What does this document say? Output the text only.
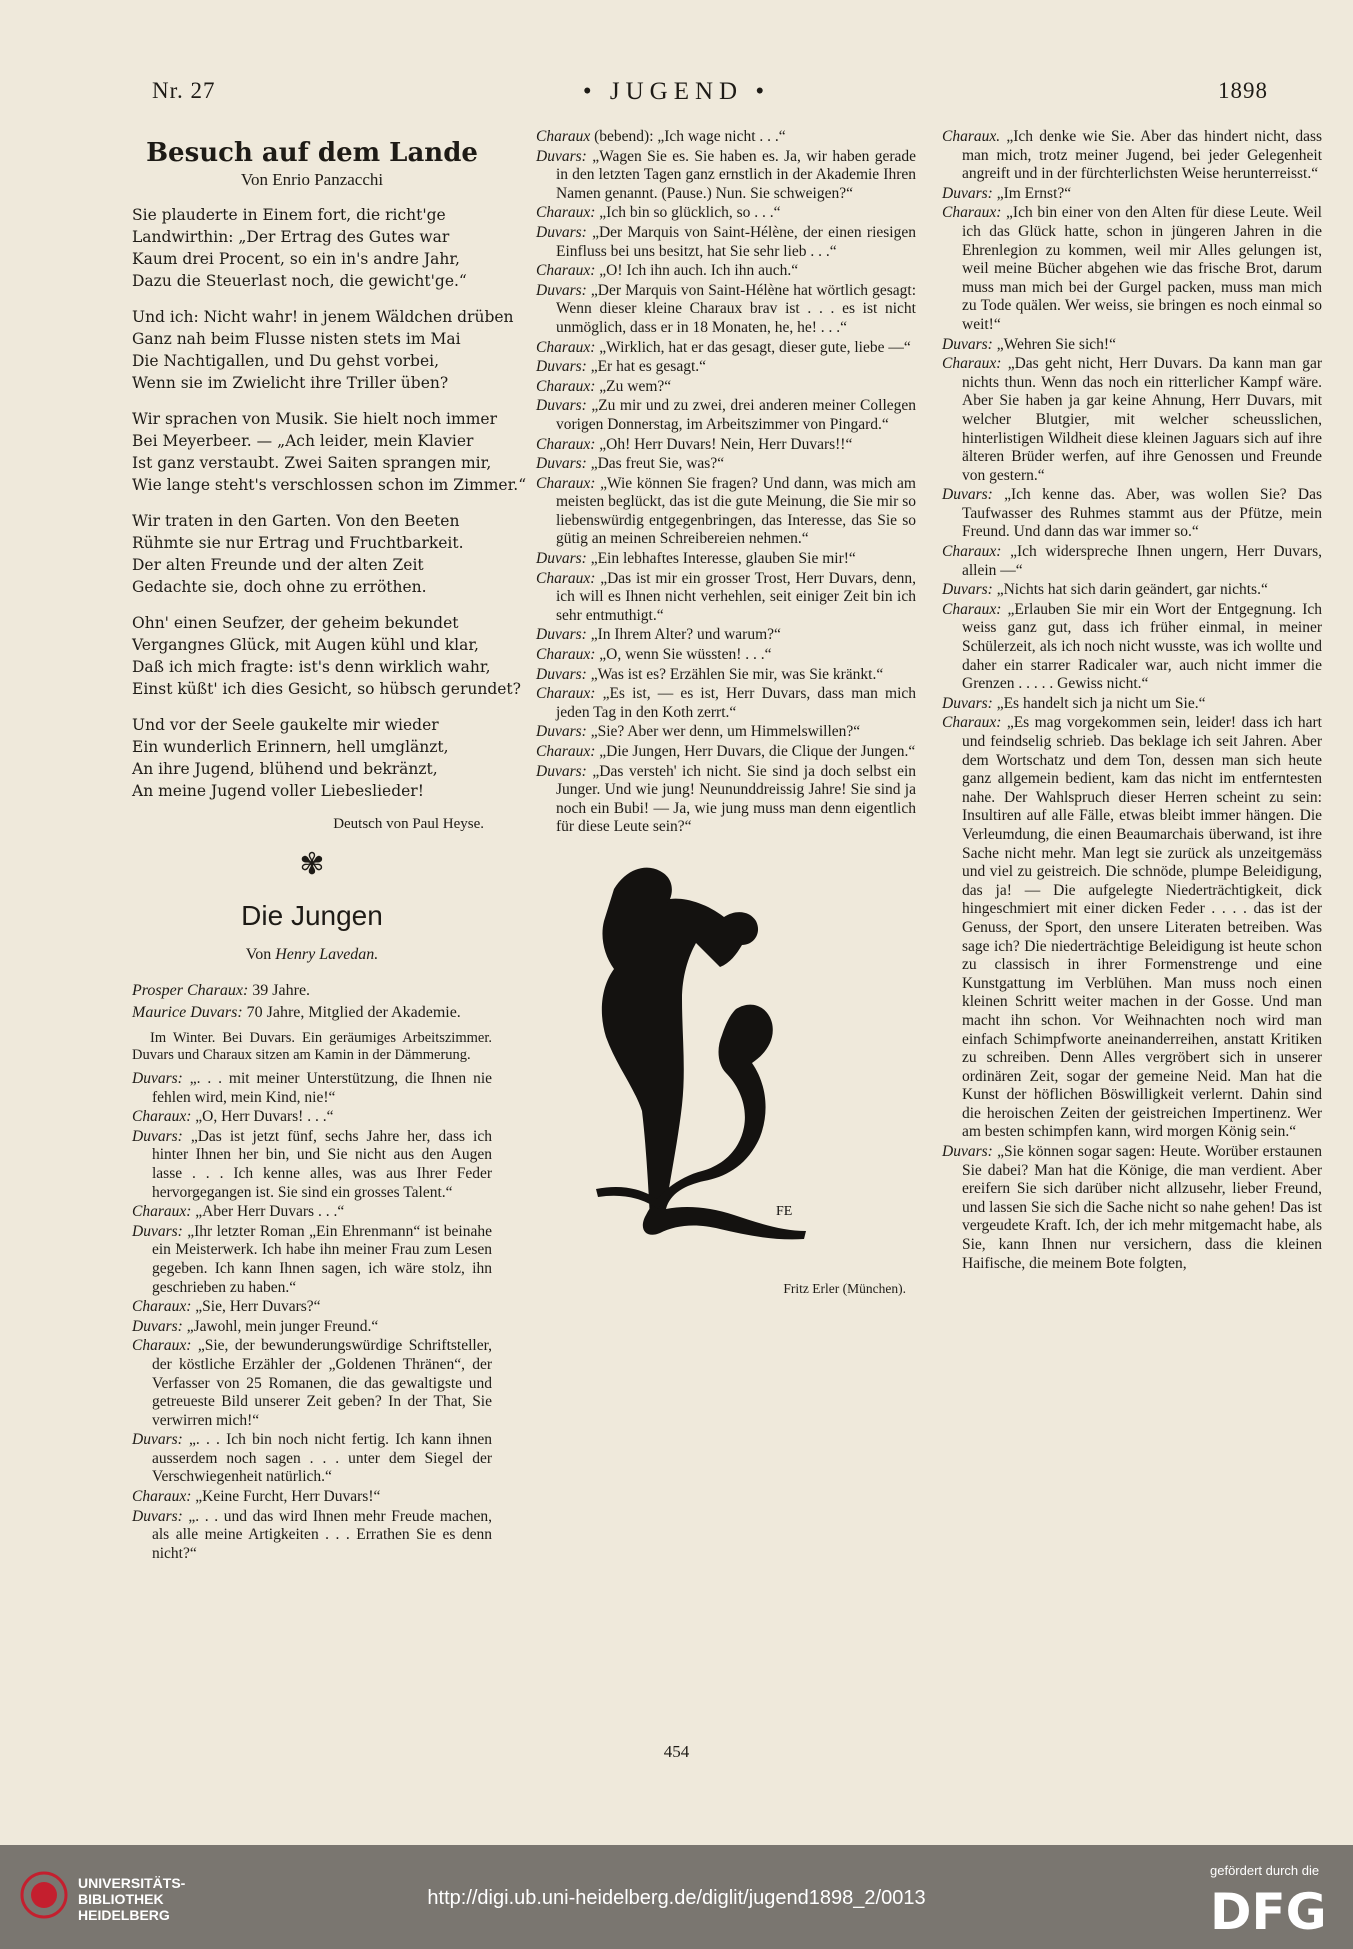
Nr. 27	• JUGEND •	1898
Besuch auf dem Lande
Von Enrio Panzacchi
Sie plauderte in Einem fort, die richt'ge
Landwirthin: „Der Ertrag des Gutes war
Kaum drei Procent, so ein in's andre Jahr,
Dazu die Steuerlast noch, die gewicht'ge.“
Und ich: Nicht wahr! in jenem Wäldchen drüben
Ganz nah beim Flusse nisten stets im Mai
Die Nachtigallen, und Du gehst vorbei,
Wenn sie im Zwielicht ihre Triller üben?
Wir sprachen von Musik. Sie hielt noch immer
Bei Meyerbeer. — „Ach leider, mein Klavier
Ist ganz verstaubt. Zwei Saiten sprangen mir,
Wie lange steht's verschlossen schon im Zimmer.“
Wir traten in den Garten. Von den Beeten
Rühmte sie nur Ertrag und Fruchtbarkeit.
Der alten Freunde und der alten Zeit
Gedachte sie, doch ohne zu erröthen.
Ohn' einen Seufzer, der geheim bekundet
Vergangnes Glück, mit Augen kühl und klar,
Daß ich mich fragte: ist's denn wirklich wahr,
Einst küßt' ich dies Gesicht, so hübsch gerundet?
Und vor der Seele gaukelte mir wieder
Ein wunderlich Erinnern, hell umglänzt,
An ihre Jugend, blühend und bekränzt,
An meine Jugend voller Liebeslieder!
Deutsch von Paul Heyse.
✾
Die Jungen
Von Henry Lavedan.
Prosper Charaux: 39 Jahre.
Maurice Duvars: 70 Jahre, Mitglied der Akademie.
Im Winter. Bei Duvars. Ein geräumiges Arbeitszimmer. Duvars und Charaux sitzen am Kamin in der Dämmerung.
Duvars: „. . . mit meiner Unterstützung, die Ihnen nie fehlen wird, mein Kind, nie!“
Charaux: „O, Herr Duvars! . . .“
Duvars: „Das ist jetzt fünf, sechs Jahre her, dass ich hinter Ihnen her bin, und Sie nicht aus den Augen lasse . . . Ich kenne alles, was aus Ihrer Feder hervorgegangen ist. Sie sind ein grosses Talent.“
Charaux: „Aber Herr Duvars . . .“
Duvars: „Ihr letzter Roman „Ein Ehrenmann“ ist beinahe ein Meisterwerk. Ich habe ihn meiner Frau zum Lesen gegeben. Ich kann Ihnen sagen, ich wäre stolz, ihn geschrieben zu haben.“
Charaux: „Sie, Herr Duvars?“
Duvars: „Jawohl, mein junger Freund.“
Charaux: „Sie, der bewunderungswürdige Schriftsteller, der köstliche Erzähler der „Goldenen Thränen“, der Verfasser von 25 Romanen, die das gewaltigste und getreueste Bild unserer Zeit geben? In der That, Sie verwirren mich!“
Duvars: „. . . Ich bin noch nicht fertig. Ich kann ihnen ausserdem noch sagen . . . unter dem Siegel der Verschwiegenheit natürlich.“
Charaux: „Keine Furcht, Herr Duvars!“
Duvars: „. . . und das wird Ihnen mehr Freude machen, als alle meine Artigkeiten . . . Errathen Sie es denn nicht?“
Charaux (bebend): „Ich wage nicht . . .“
Duvars: „Wagen Sie es. Sie haben es. Ja, wir haben gerade in den letzten Tagen ganz ernstlich in der Akademie Ihren Namen genannt. (Pause.) Nun. Sie schweigen?“
Charaux: „Ich bin so glücklich, so . . .“
Duvars: „Der Marquis von Saint-Hélène, der einen riesigen Einfluss bei uns besitzt, hat Sie sehr lieb . . .“
Charaux: „O! Ich ihn auch. Ich ihn auch.“
Duvars: „Der Marquis von Saint-Hélène hat wörtlich gesagt: Wenn dieser kleine Charaux brav ist . . . es ist nicht unmöglich, dass er in 18 Monaten, he, he! . . .“
Charaux: „Wirklich, hat er das gesagt, dieser gute, liebe —“
Duvars: „Er hat es gesagt.“
Charaux: „Zu wem?“
Duvars: „Zu mir und zu zwei, drei anderen meiner Collegen vorigen Donnerstag, im Arbeitszimmer von Pingard.“
Charaux: „Oh! Herr Duvars! Nein, Herr Duvars!!“
Duvars: „Das freut Sie, was?“
Charaux: „Wie können Sie fragen? Und dann, was mich am meisten beglückt, das ist die gute Meinung, die Sie mir so liebenswürdig entgegenbringen, das Interesse, das Sie so gütig an meinen Schreibereien nehmen.“
Duvars: „Ein lebhaftes Interesse, glauben Sie mir!“
Charaux: „Das ist mir ein grosser Trost, Herr Duvars, denn, ich will es Ihnen nicht verhehlen, seit einiger Zeit bin ich sehr entmuthigt.“
Duvars: „In Ihrem Alter? und warum?“
Charaux: „O, wenn Sie wüssten! . . .“
Duvars: „Was ist es? Erzählen Sie mir, was Sie kränkt.“
Charaux: „Es ist, — es ist, Herr Duvars, dass man mich jeden Tag in den Koth zerrt.“
Duvars: „Sie? Aber wer denn, um Himmelswillen?“
Charaux: „Die Jungen, Herr Duvars, die Clique der Jungen.“
Duvars: „Das versteh' ich nicht. Sie sind ja doch selbst ein Junger. Und wie jung! Neununddreissig Jahre! Sie sind ja noch ein Bubi! — Ja, wie jung muss man denn eigentlich für diese Leute sein?“
FE
Fritz Erler (München).
Charaux. „Ich denke wie Sie. Aber das hindert nicht, dass man mich, trotz meiner Jugend, bei jeder Gelegenheit angreift und in der fürchterlichsten Weise herunterreisst.“
Duvars: „Im Ernst?“
Charaux: „Ich bin einer von den Alten für diese Leute. Weil ich das Glück hatte, schon in jüngeren Jahren in die Ehrenlegion zu kommen, weil mir Alles gelungen ist, weil meine Bücher abgehen wie das frische Brot, darum muss man mich bei der Gurgel packen, muss man mich zu Tode quälen. Wer weiss, sie bringen es noch einmal so weit!“
Duvars: „Wehren Sie sich!“
Charaux: „Das geht nicht, Herr Duvars. Da kann man gar nichts thun. Wenn das noch ein ritterlicher Kampf wäre. Aber Sie haben ja gar keine Ahnung, Herr Duvars, mit welcher Blutgier, mit welcher scheusslichen, hinterlistigen Wildheit diese kleinen Jaguars sich auf ihre älteren Brüder werfen, auf ihre Genossen und Freunde von gestern.“
Duvars: „Ich kenne das. Aber, was wollen Sie? Das Taufwasser des Ruhmes stammt aus der Pfütze, mein Freund. Und dann das war immer so.“
Charaux: „Ich widerspreche Ihnen ungern, Herr Duvars, allein —“
Duvars: „Nichts hat sich darin geändert, gar nichts.“
Charaux: „Erlauben Sie mir ein Wort der Entgegnung. Ich weiss ganz gut, dass ich früher einmal, in meiner Schülerzeit, als ich noch nicht wusste, was ich wollte und daher ein starrer Radicaler war, auch nicht immer die Grenzen . . . . . Gewiss nicht.“
Duvars: „Es handelt sich ja nicht um Sie.“
Charaux: „Es mag vorgekommen sein, leider! dass ich hart und feindselig schrieb. Das beklage ich seit Jahren. Aber dem Wortschatz und dem Ton, dessen man sich heute ganz allgemein bedient, kam das nicht im entferntesten nahe. Der Wahlspruch dieser Herren scheint zu sein: Insultiren auf alle Fälle, etwas bleibt immer hängen. Die Verleumdung, die einen Beaumarchais überwand, ist ihre Sache nicht mehr. Man legt sie zurück als unzeitgemäss und viel zu geistreich. Die schnöde, plumpe Beleidigung, das ja! — Die aufgelegte Niederträchtigkeit, dick hingeschmiert mit einer dicken Feder . . . . das ist der Genuss, der Sport, den unsere Literaten betreiben. Was sage ich? Die niederträchtige Beleidigung ist heute schon zu classisch in ihrer Formenstrenge und eine Kunstgattung im Verblühen. Man muss noch einen kleinen Schritt weiter machen in der Gosse. Und man macht ihn schon. Vor Weihnachten noch wird man einfach Schimpfworte aneinanderreihen, anstatt Kritiken zu schreiben. Denn Alles vergröbert sich in unserer ordinären Zeit, sogar der gemeine Neid. Man hat die Kunst der höflichen Böswilligkeit verlernt. Dahin sind die heroischen Zeiten der geistreichen Impertinenz. Wer am besten schimpfen kann, wird morgen König sein.“
Duvars: „Sie können sogar sagen: Heute. Worüber erstaunen Sie dabei? Man hat die Könige, die man verdient. Aber ereifern Sie sich darüber nicht allzusehr, lieber Freund, und lassen Sie sich die Sache nicht so nahe gehen! Das ist vergeudete Kraft. Ich, der ich mehr mitgemacht habe, als Sie, kann Ihnen nur versichern, dass die kleinen Haifische, die meinem Bote folgten,
454
UNIVERSITÄTS-
BIBLIOTHEK
HEIDELBERG
http://digi.ub.uni-heidelberg.de/diglit/jugend1898_2/0013
gefördert durch die
DFG
